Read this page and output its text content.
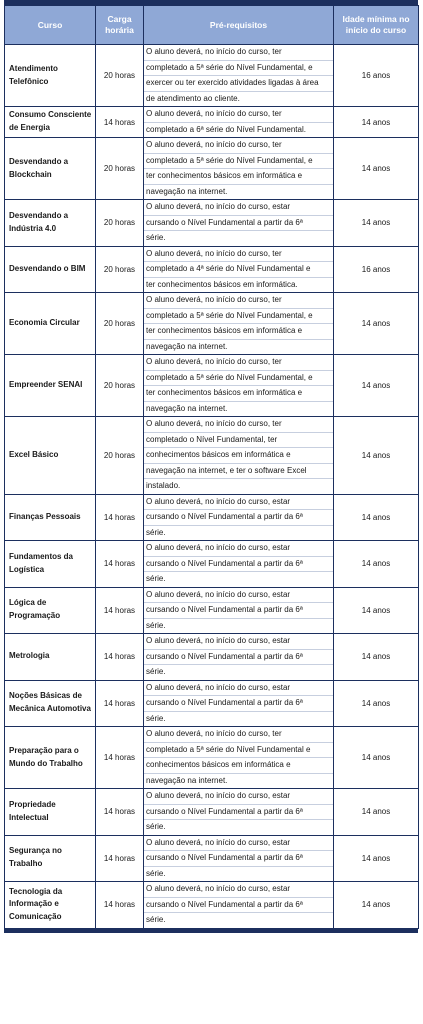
Curso	Carga horária	Pré-requisitos	Idade mínima no início do curso
Atendimento Telefônico	20 horas	O aluno deverá, no início do curso, ter
completado a 5ª série do Nível Fundamental, e
exercer ou ter exercido atividades ligadas à área
de atendimento ao cliente.	16 anos
Consumo Consciente de Energia	14 horas	O aluno deverá, no início do curso, ter
completado a 6ª série do Nível Fundamental.	14 anos
Desvendando a Blockchain	20 horas	O aluno deverá, no início do curso, ter
completado a 5ª série do Nível Fundamental, e
ter conhecimentos básicos em informática e
navegação na internet.	14 anos
Desvendando a Indústria 4.0	20 horas	O aluno deverá, no início do curso, estar
cursando o Nível Fundamental a partir da 6ª
série.	14 anos
Desvendando o BIM	20 horas	O aluno deverá, no início do curso, ter
completado a 4ª série do Nível Fundamental e
ter conhecimentos básicos em informática.	16 anos
Economia Circular	20 horas	O aluno deverá, no início do curso, ter
completado a 5ª série do Nível Fundamental, e
ter conhecimentos básicos em informática e
navegação na internet.	14 anos
Empreender SENAI	20 horas	O aluno deverá, no início do curso, ter
completado a 5ª série do Nível Fundamental, e
ter conhecimentos básicos em informática e
navegação na internet.	14 anos
Excel Básico	20 horas	O aluno deverá, no início do curso, ter
completado o Nível Fundamental, ter
conhecimentos básicos em informática e
navegação na internet, e ter o software Excel
instalado.	14 anos
Finanças Pessoais	14 horas	O aluno deverá, no início do curso, estar
cursando o Nível Fundamental a partir da 6ª
série.	14 anos
Fundamentos da Logística	14 horas	O aluno deverá, no início do curso, estar
cursando o Nível Fundamental a partir da 6ª
série.	14 anos
Lógica de Programação	14 horas	O aluno deverá, no início do curso, estar
cursando o Nível Fundamental a partir da 6ª
série.	14 anos
Metrologia	14 horas	O aluno deverá, no início do curso, estar
cursando o Nível Fundamental a partir da 6ª
série.	14 anos
Noções Básicas de Mecânica Automotiva	14 horas	O aluno deverá, no início do curso, estar
cursando o Nível Fundamental a partir da 6ª
série.	14 anos
Preparação para o Mundo do Trabalho	14 horas	O aluno deverá, no início do curso, ter
completado a 5ª série do Nível Fundamental e
conhecimentos básicos em informática e
navegação na internet.	14 anos
Propriedade Intelectual	14 horas	O aluno deverá, no início do curso, estar
cursando o Nível Fundamental a partir da 6ª
série.	14 anos
Segurança no Trabalho	14 horas	O aluno deverá, no início do curso, estar
cursando o Nível Fundamental a partir da 6ª
série.	14 anos
Tecnologia da Informação e Comunicação	14 horas	O aluno deverá, no início do curso, estar
cursando o Nível Fundamental a partir da 6ª
série.	14 anos
